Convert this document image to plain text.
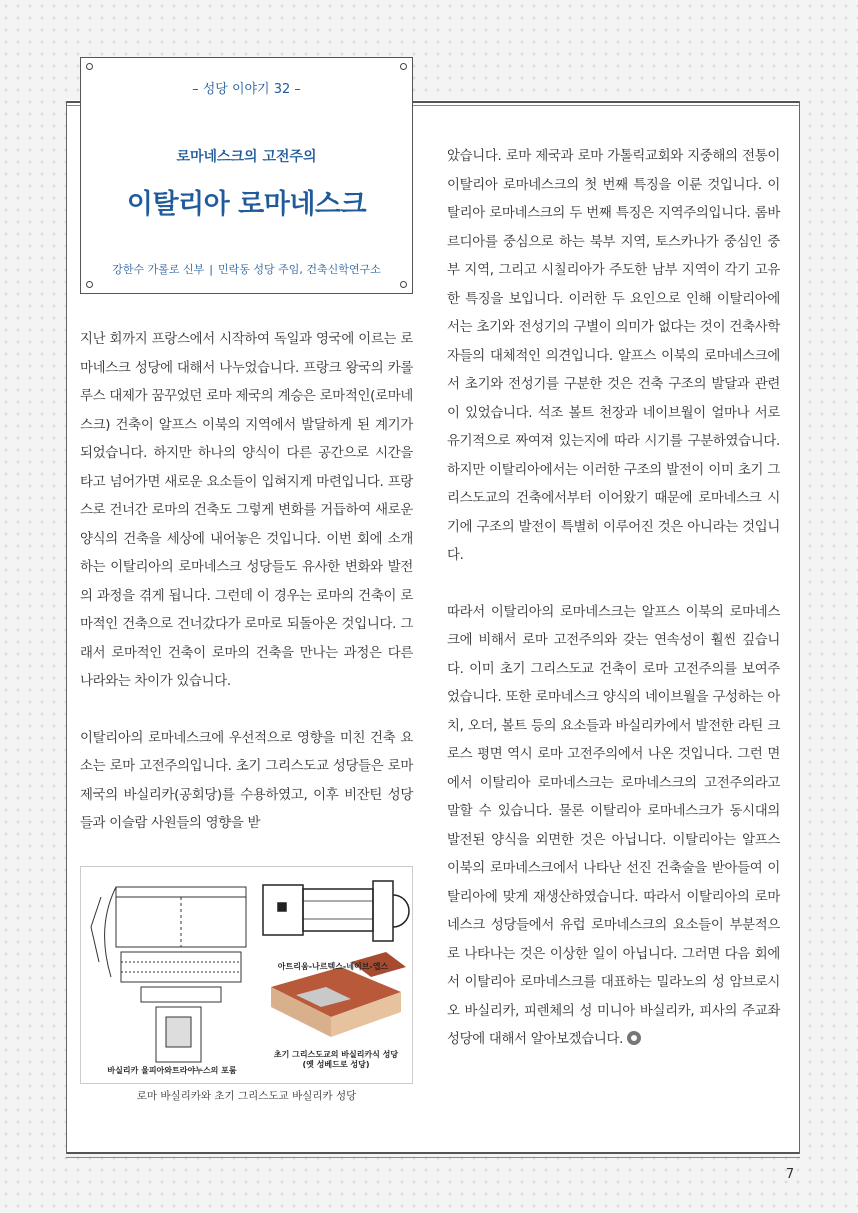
– 성당 이야기 32 –
로마네스크의 고전주의
이탈리아 로마네스크
강한수 가롤로 신부 | 민락동 성당 주임, 건축신학연구소

지난 회까지 프랑스에서 시작하여 독일과 영국에 이르는 로마네스크 성당에 대해서 나누었습니다. 프랑크 왕국의 카롤루스 대제가 꿈꾸었던 로마 제국의 계승은 로마적인(로마네스크) 건축이 알프스 이북의 지역에서 발달하게 된 계기가 되었습니다. 하지만 하나의 양식이 다른 공간으로 시간을 타고 넘어가면 새로운 요소들이 입혀지게 마련입니다. 프랑스로 건너간 로마의 건축도 그렇게 변화를 거듭하여 새로운 양식의 건축을 세상에 내어놓은 것입니다. 이번 회에 소개하는 이탈리아의 로마네스크 성당들도 유사한 변화와 발전의 과정을 겪게 됩니다. 그런데 이 경우는 로마의 건축이 로마적인 건축으로 건너갔다가 로마로 되돌아온 것입니다. 그래서 로마적인 건축이 로마의 건축을 만나는 과정은 다른 나라와는 차이가 있습니다.

이탈리아의 로마네스크에 우선적으로 영향을 미친 건축 요소는 로마 고전주의입니다. 초기 그리스도교 성당들은 로마 제국의 바실리카(공회당)를 수용하였고, 이후 비잔틴 성당들과 이슬람 사원들의 영향을 받

바실리카 울피아와트라야누스의 포룸
아트리움-나르텍스-네이브-앱스
초기 그리스도교의 바실리카식 성당
(옛 성베드로 성당)
로마 바실리카와 초기 그리스도교 바실리카 성당

았습니다. 로마 제국과 로마 가톨릭교회와 지중해의 전통이 이탈리아 로마네스크의 첫 번째 특징을 이룬 것입니다. 이탈리아 로마네스크의 두 번째 특징은 지역주의입니다. 롬바르디아를 중심으로 하는 북부 지역, 토스카나가 중심인 중부 지역, 그리고 시칠리아가 주도한 남부 지역이 각기 고유한 특징을 보입니다. 이러한 두 요인으로 인해 이탈리아에서는 초기와 전성기의 구별이 의미가 없다는 것이 건축사학자들의 대체적인 의견입니다. 알프스 이북의 로마네스크에서 초기와 전성기를 구분한 것은 건축 구조의 발달과 관련이 있었습니다. 석조 볼트 천장과 네이브월이 얼마나 서로 유기적으로 짜여져 있는지에 따라 시기를 구분하였습니다. 하지만 이탈리아에서는 이러한 구조의 발전이 이미 초기 그리스도교의 건축에서부터 이어왔기 때문에 로마네스크 시기에 구조의 발전이 특별히 이루어진 것은 아니라는 것입니다.

따라서 이탈리아의 로마네스크는 알프스 이북의 로마네스크에 비해서 로마 고전주의와 갖는 연속성이 훨씬 깊습니다. 이미 초기 그리스도교 건축이 로마 고전주의를 보여주었습니다. 또한 로마네스크 양식의 네이브월을 구성하는 아치, 오더, 볼트 등의 요소들과 바실리카에서 발전한 라틴 크로스 평면 역시 로마 고전주의에서 나온 것입니다. 그런 면에서 이탈리아 로마네스크는 로마네스크의 고전주의라고 말할 수 있습니다. 물론 이탈리아 로마네스크가 동시대의 발전된 양식을 외면한 것은 아닙니다. 이탈리아는 알프스 이북의 로마네스크에서 나타난 선진 건축술을 받아들여 이탈리아에 맞게 재생산하였습니다. 따라서 이탈리아의 로마네스크 성당들에서 유럽 로마네스크의 요소들이 부분적으로 나타나는 것은 이상한 일이 아닙니다. 그러면 다음 회에서 이탈리아 로마네스크를 대표하는 밀라노의 성 암브로시오 바실리카, 피렌체의 성 미니아 바실리카, 피사의 주교좌성당에 대해서 알아보겠습니다.

7
